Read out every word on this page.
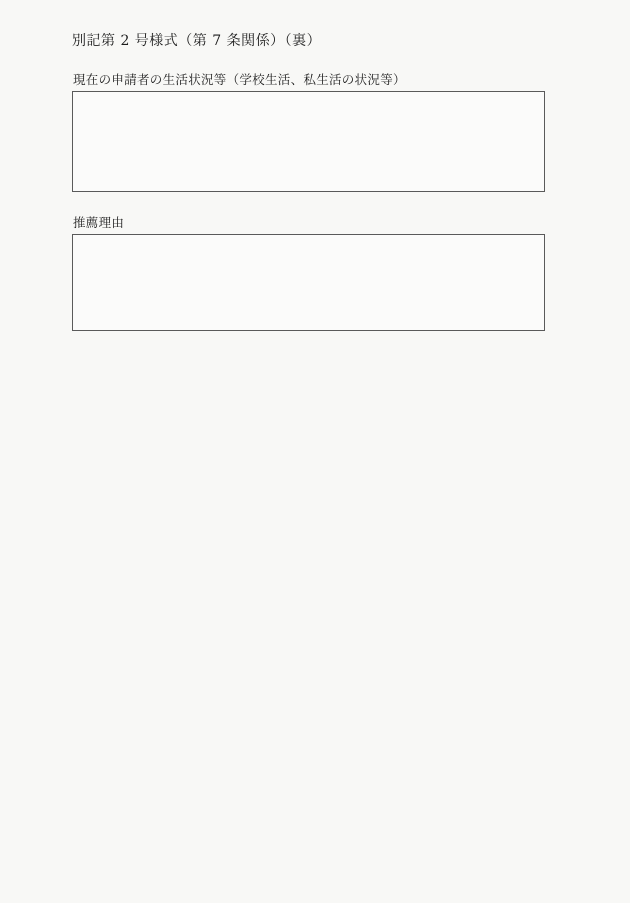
別記第 2 号様式（第 7 条関係）（裏）
現在の申請者の生活状況等（学校生活、私生活の状況等）
推薦理由
